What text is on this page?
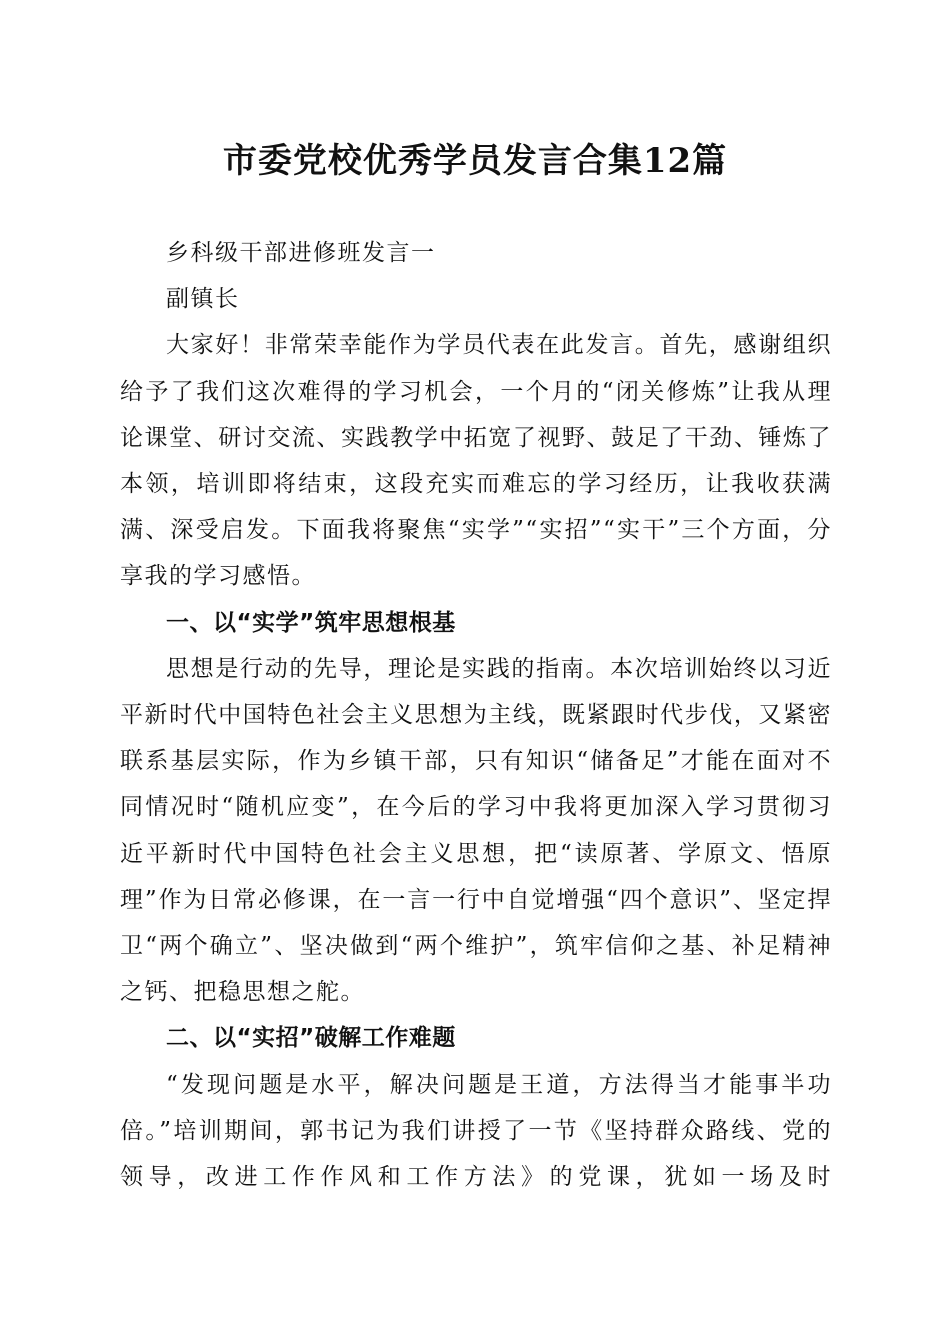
市委党校优秀学员发言合集12篇

乡科级干部进修班发言一

副镇长

大家好！非常荣幸能作为学员代表在此发言。首先，感谢组织给予了我们这次难得的学习机会，一个月的“闭关修炼”让我从理论课堂、研讨交流、实践教学中拓宽了视野、鼓足了干劲、锤炼了本领，培训即将结束，这段充实而难忘的学习经历，让我收获满满、深受启发。下面我将聚焦“实学”“实招”“实干”三个方面，分享我的学习感悟。

一、以“实学”筑牢思想根基

思想是行动的先导，理论是实践的指南。本次培训始终以习近平新时代中国特色社会主义思想为主线，既紧跟时代步伐，又紧密联系基层实际，作为乡镇干部，只有知识“储备足”才能在面对不同情况时“随机应变”，在今后的学习中我将更加深入学习贯彻习近平新时代中国特色社会主义思想，把“读原著、学原文、悟原理”作为日常必修课，在一言一行中自觉增强“四个意识”、坚定捍卫“两个确立”、坚决做到“两个维护”，筑牢信仰之基、补足精神之钙、把稳思想之舵。

二、以“实招”破解工作难题

“发现问题是水平，解决问题是王道，方法得当才能事半功倍。”培训期间，郭书记为我们讲授了一节《坚持群众路线、党的领导，改进工作作风和工作方法》的党课，犹如一场及时
